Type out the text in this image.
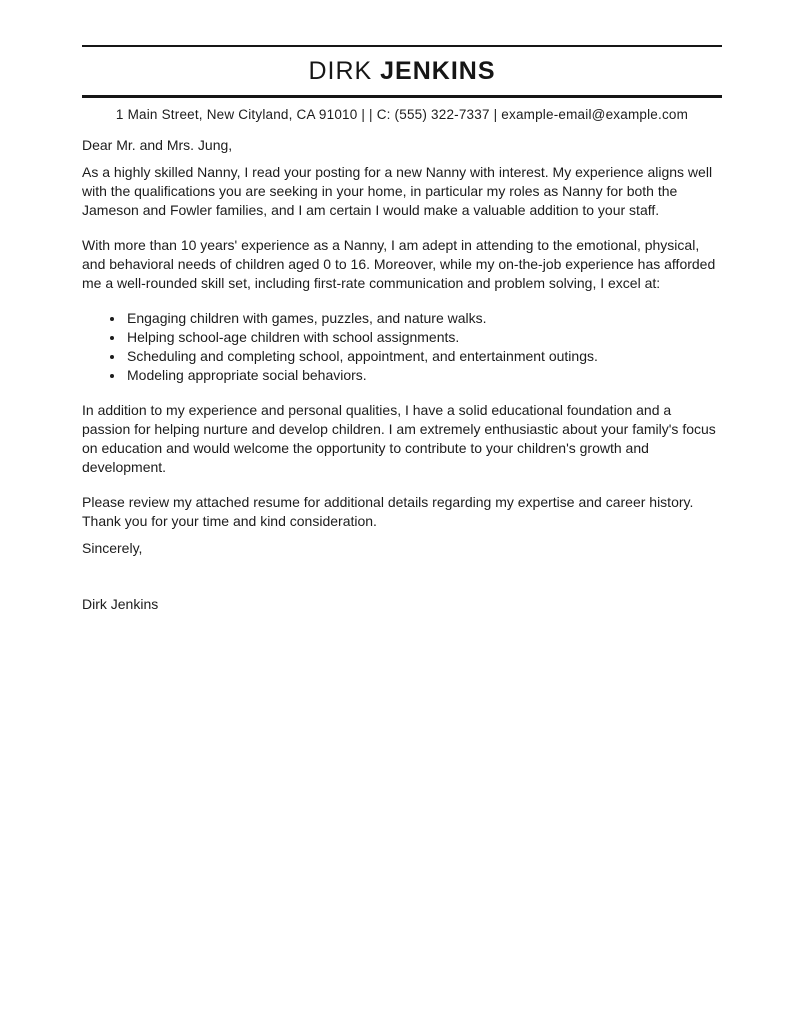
DIRK JENKINS
1 Main Street, New Cityland, CA 91010 | | C: (555) 322-7337 | example-email@example.com

Dear Mr. and Mrs. Jung,

As a highly skilled Nanny, I read your posting for a new Nanny with interest. My experience aligns well with the qualifications you are seeking in your home, in particular my roles as Nanny for both the Jameson and Fowler families, and I am certain I would make a valuable addition to your staff.

With more than 10 years' experience as a Nanny, I am adept in attending to the emotional, physical, and behavioral needs of children aged 0 to 16. Moreover, while my on-the-job experience has afforded me a well-rounded skill set, including first-rate communication and problem solving, I excel at:

• Engaging children with games, puzzles, and nature walks.
• Helping school-age children with school assignments.
• Scheduling and completing school, appointment, and entertainment outings.
• Modeling appropriate social behaviors.

In addition to my experience and personal qualities, I have a solid educational foundation and a passion for helping nurture and develop children. I am extremely enthusiastic about your family's focus on education and would welcome the opportunity to contribute to your children's growth and development.

Please review my attached resume for additional details regarding my expertise and career history. Thank you for your time and kind consideration.

Sincerely,

Dirk Jenkins
